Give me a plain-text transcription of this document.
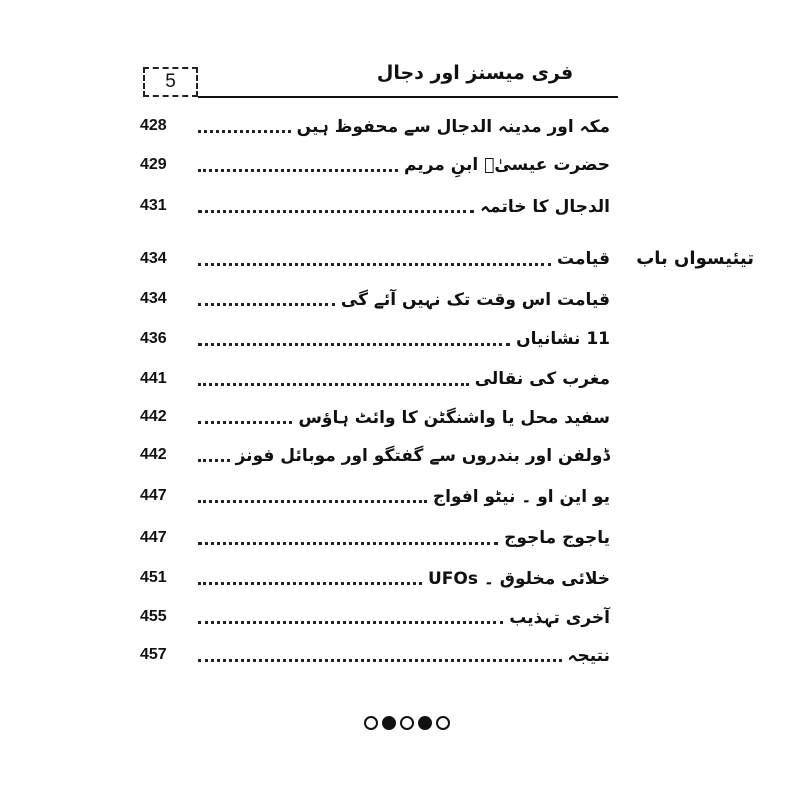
5	فری میسنز اور دجال
تیئیسواں باب
428	مکہ اور مدینہ الدجال سے محفوظ ہیں
429	حضرت عیسیٰؑ ابنِ مریم
431	الدجال کا خاتمہ
434	قیامت
434	قیامت اس وقت تک نہیں آئے گی
436	11 نشانیاں
441	مغرب کی نقالی
442	سفید محل یا واشنگٹن کا وائٹ ہاؤس
442	ڈولفن اور بندروں سے گفتگو اور موبائل فونز
447	یو این او ۔ نیٹو افواج
447	یاجوج ماجوج
451	خلائی مخلوق ۔ UFOs
455	آخری تہذیب
457	نتیجہ
